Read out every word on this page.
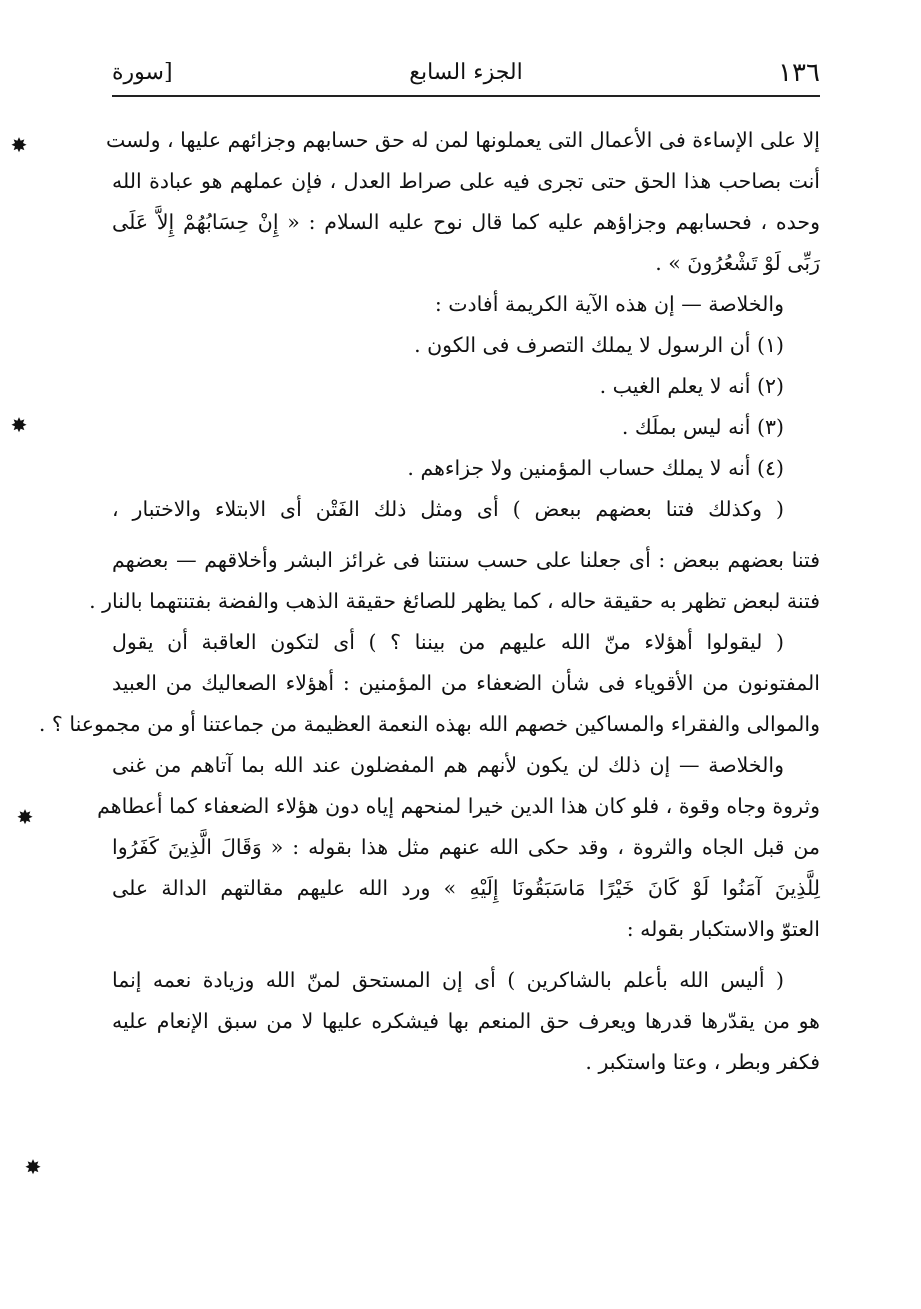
١٣٦
الجزء السابع
[سورة
✸
✸
✸
✸
إلا على الإساءة فى الأعمال التى يعملونها لمن له حق حسابهم وجزائهم عليها ، ولست
أنت بصاحب هذا الحق حتى تجرى فيه على صراط العدل ، فإن عملهم هو عبادة الله
وحده ، فحسابهم وجزاؤهم عليه كما قال نوح عليه السلام : « إِنْ حِسَابُهُمْ إِلاَّ عَلَى
رَبِّى لَوْ تَشْعُرُونَ » .
والخلاصة — إن هذه الآية الكريمة أفادت :
(١) أن الرسول لا يملك التصرف فى الكون .
(٢) أنه لا يعلم الغيب .
(٣) أنه ليس بملَك .
(٤) أنه لا يملك حساب المؤمنين ولا جزاءهم .
( وكذلك فتنا بعضهم ببعض ) أى ومثل ذلك الفَتْن أى الابتلاء والاختبار ،
فتنا بعضهم ببعض : أى جعلنا على حسب سنتنا فى غرائز البشر وأخلاقهم — بعضهم
فتنة لبعض تظهر به حقيقة حاله ، كما يظهر للصائغ حقيقة الذهب والفضة بفتنتهما بالنار .
( ليقولوا أهؤلاء منّ الله عليهم من بيننا ؟ ) أى لتكون العاقبة أن يقول
المفتونون من الأقوياء فى شأن الضعفاء من المؤمنين : أهؤلاء الصعاليك من العبيد
والموالى والفقراء والمساكين خصهم الله بهذه النعمة العظيمة من جماعتنا أو من مجموعنا ؟ .
والخلاصة — إن ذلك لن يكون لأنهم هم المفضلون عند الله بما آتاهم من غنى
وثروة وجاه وقوة ، فلو كان هذا الدين خيرا لمنحهم إياه دون هؤلاء الضعفاء كما أعطاهم
من قبل الجاه والثروة ، وقد حكى الله عنهم مثل هذا بقوله : « وَقَالَ الَّذِينَ كَفَرُوا
لِلَّذِينَ آمَنُوا لَوْ كَانَ خَيْرًا مَاسَبَقُونَا إِلَيْهِ » ورد الله عليهم مقالتهم الدالة على
العتوّ والاستكبار بقوله :
( أليس الله بأعلم بالشاكرين ) أى إن المستحق لمنّ الله وزيادة نعمه إنما
هو من يقدّرها قدرها ويعرف حق المنعم بها فيشكره عليها لا من سبق الإنعام عليه
فكفر وبطر ، وعتا واستكبر .
